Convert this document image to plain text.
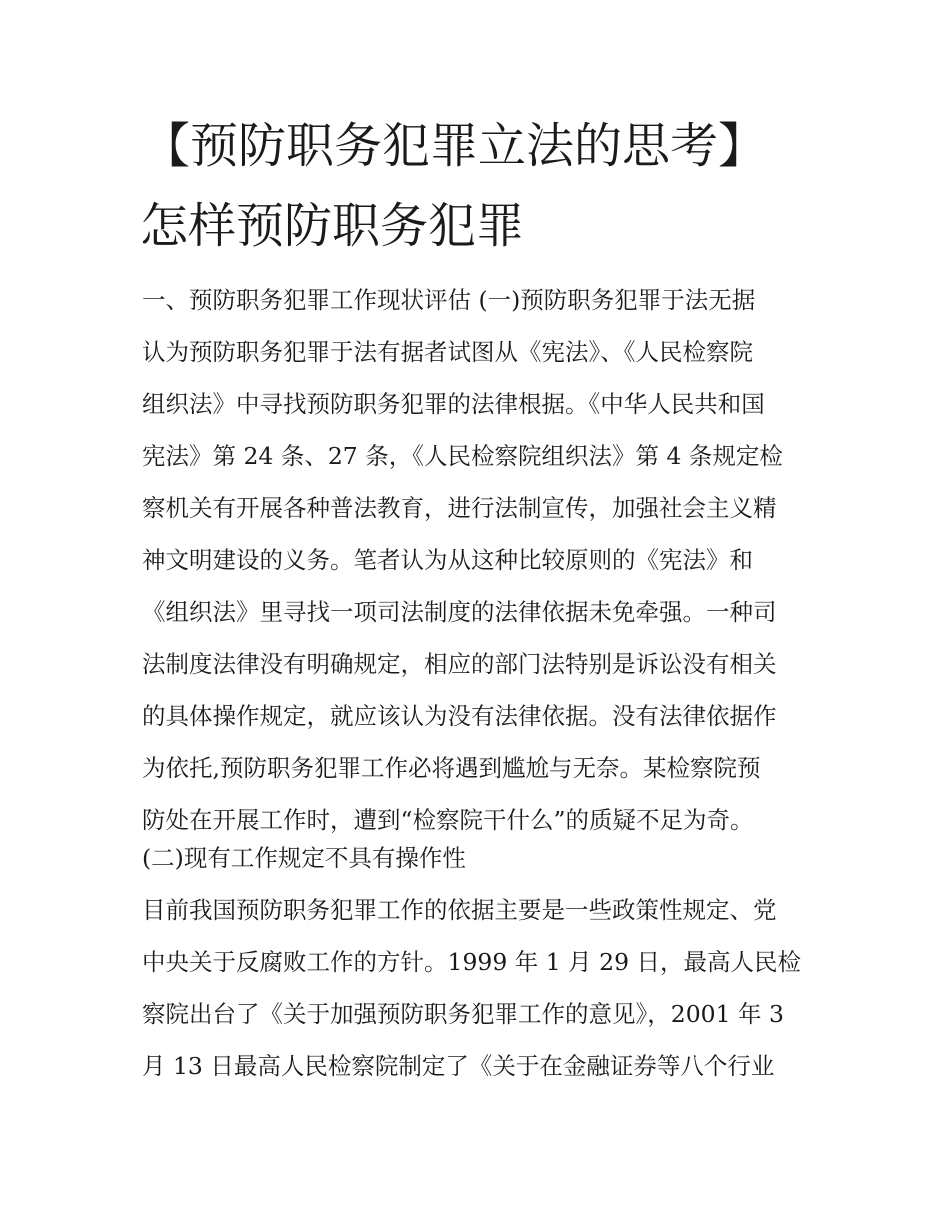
【预防职务犯罪立法的思考】
怎样预防职务犯罪
一、预防职务犯罪工作现状评估 (一)预防职务犯罪于法无据
认为预防职务犯罪于法有据者试图从《宪法》、《人民检察院
组织法》中寻找预防职务犯罪的法律根据。《中华人民共和国
宪法》第 24 条、27 条，《人民检察院组织法》第 4 条规定检
察机关有开展各种普法教育，进行法制宣传，加强社会主义精
神文明建设的义务。笔者认为从这种比较原则的《宪法》和
《组织法》里寻找一项司法制度的法律依据未免牵强。一种司
法制度法律没有明确规定，相应的部门法特别是诉讼没有相关
的具体操作规定，就应该认为没有法律依据。没有法律依据作
为依托,预防职务犯罪工作必将遇到尴尬与无奈。某检察院预
防处在开展工作时，遭到“检察院干什么”的质疑不足为奇。
(二)现有工作规定不具有操作性
目前我国预防职务犯罪工作的依据主要是一些政策性规定、党
中央关于反腐败工作的方针。1999 年 1 月 29 日，最高人民检
察院出台了《关于加强预防职务犯罪工作的意见》，2001 年 3
月 13 日最高人民检察院制定了《关于在金融证券等八个行业
